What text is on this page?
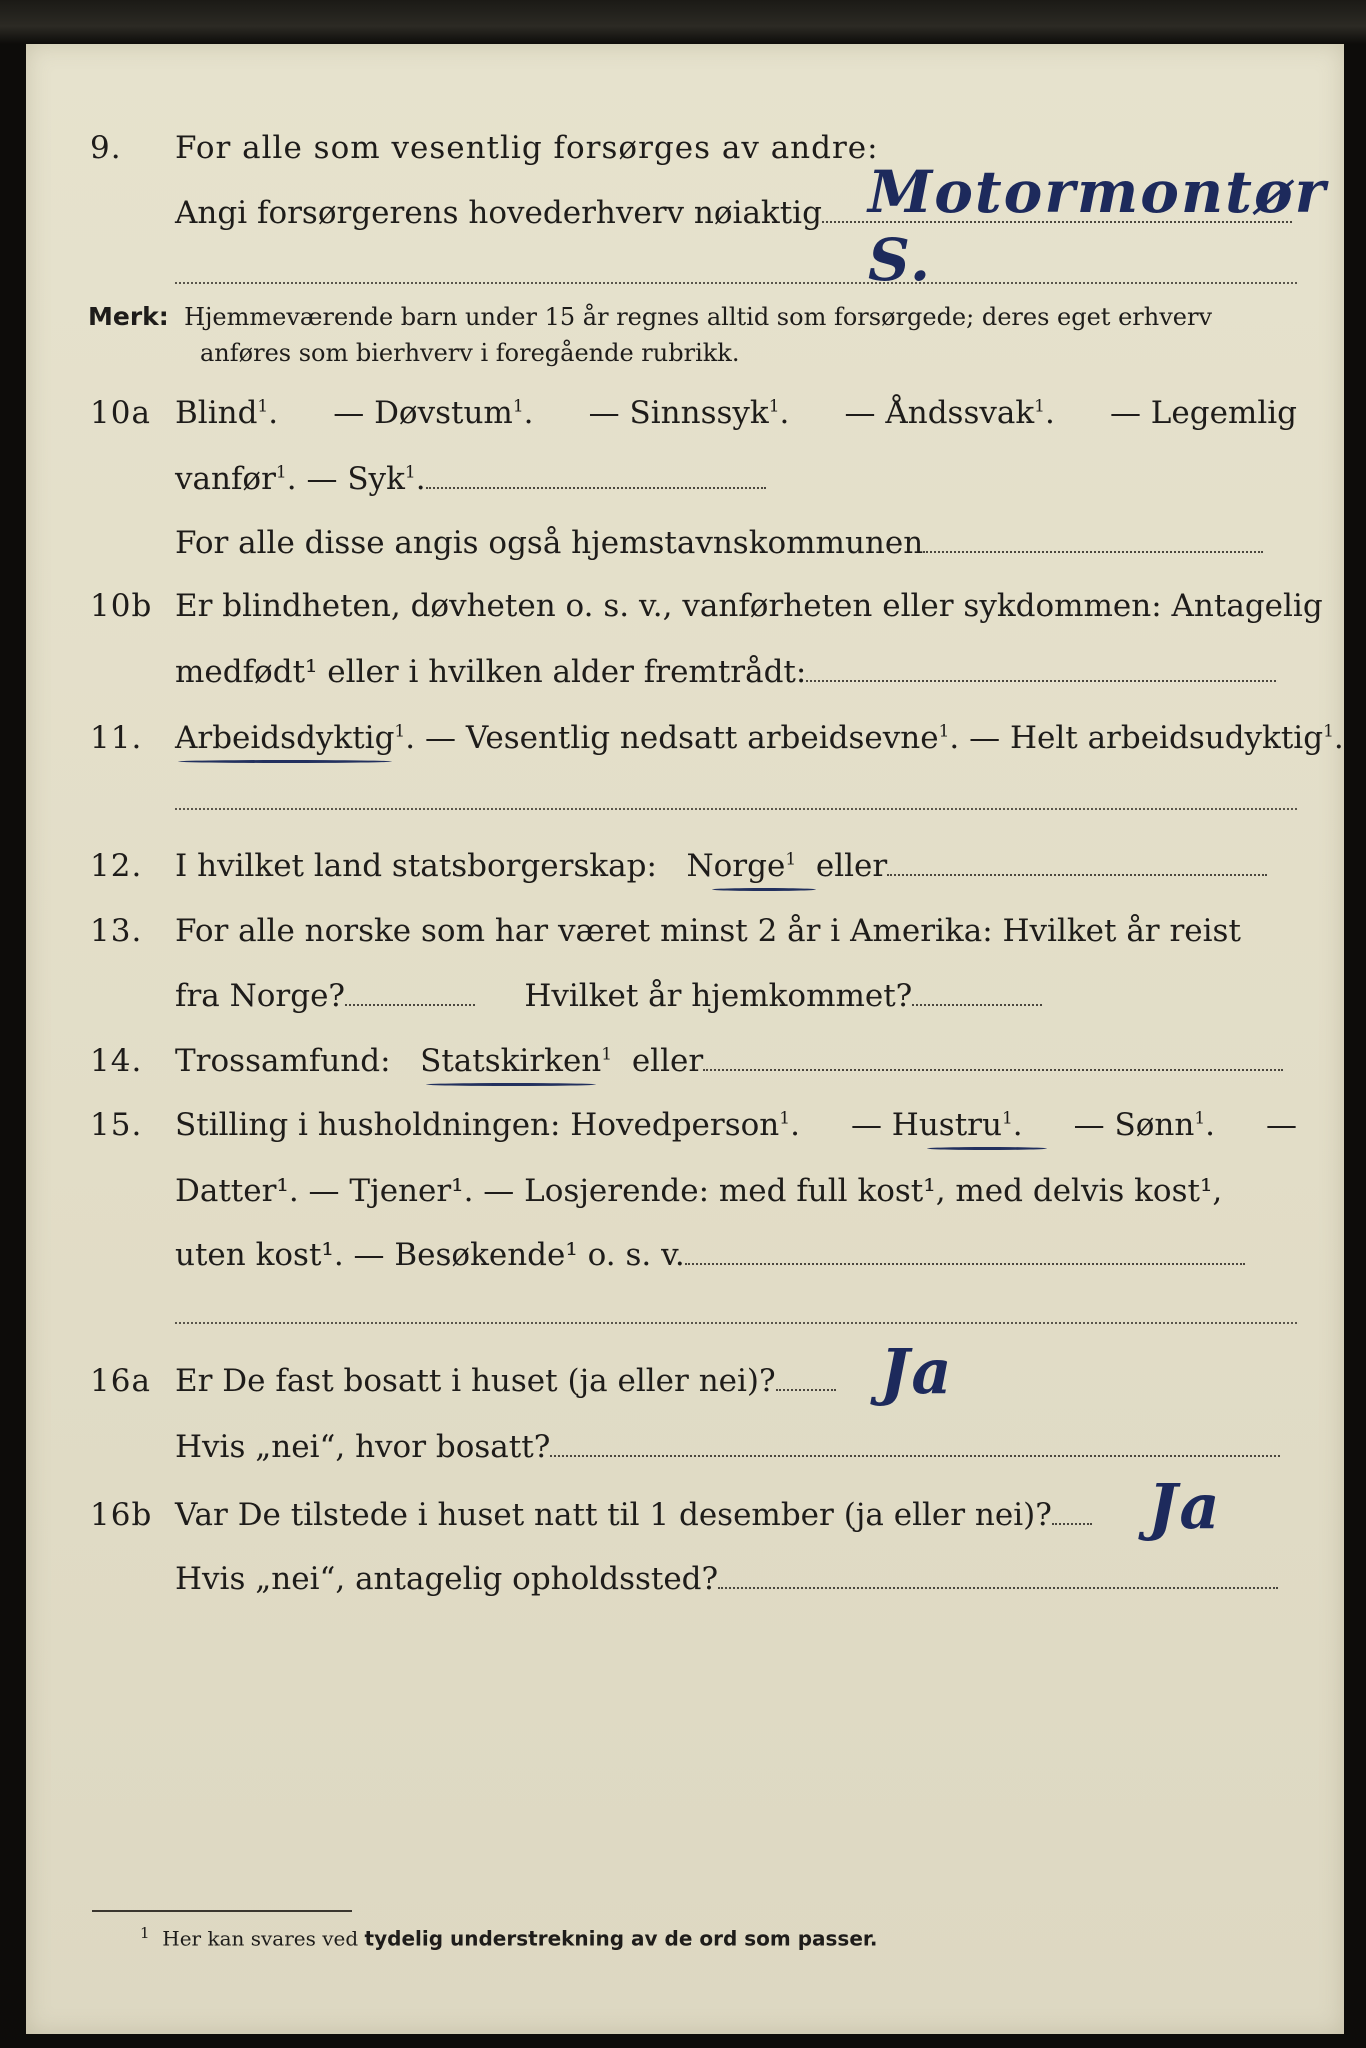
9. For alle som vesentlig forsørges av andre:
Angi forsørgerens hovederhverv nøiaktig Motormontør S.
Merk: Hjemmeværende barn under 15 år regnes alltid som forsørgede; deres eget erhverv
anføres som bierhverv i foregående rubrikk.
10a Blind$^1$. — Døvstum$^1$. — Sinnssyk$^1$. — Åndssvak$^1$. — Legemlig
vanfør$^1$. — Syk$^1$.
For alle disse angis også hjemstavnskommunen
10b Er blindheten, døvheten o. s. v., vanførheten eller sykdommen: Antagelig
medfødt¹ eller i hvilken alder fremtrådt:
11. Arbeidsdyktig$^1$. — Vesentlig nedsatt arbeidsevne$^1$. — Helt arbeidsudyktig$^1$.
12. I hvilket land statsborgerskap: Norge$^1$ eller
13. For alle norske som har været minst 2 år i Amerika: Hvilket år reist
fra Norge?	Hvilket år hjemkommet?
14. Trossamfund: Statskirken$^1$ eller
15. Stilling i husholdningen: Hovedperson$^1$. — Hustru$^1$. — Sønn$^1$. —
Datter¹. — Tjener¹. — Losjerende: med full kost¹, med delvis kost¹,
uten kost¹. — Besøkende¹ o. s. v.
16a Er De fast bosatt i huset (ja eller nei)?	Ja
Hvis „nei“, hvor bosatt?
16b Var De tilstede i huset natt til 1 desember (ja eller nei)?	Ja
Hvis „nei“, antagelig opholdssted?
$^1$ Her kan svares ved tydelig understrekning av de ord som passer.
